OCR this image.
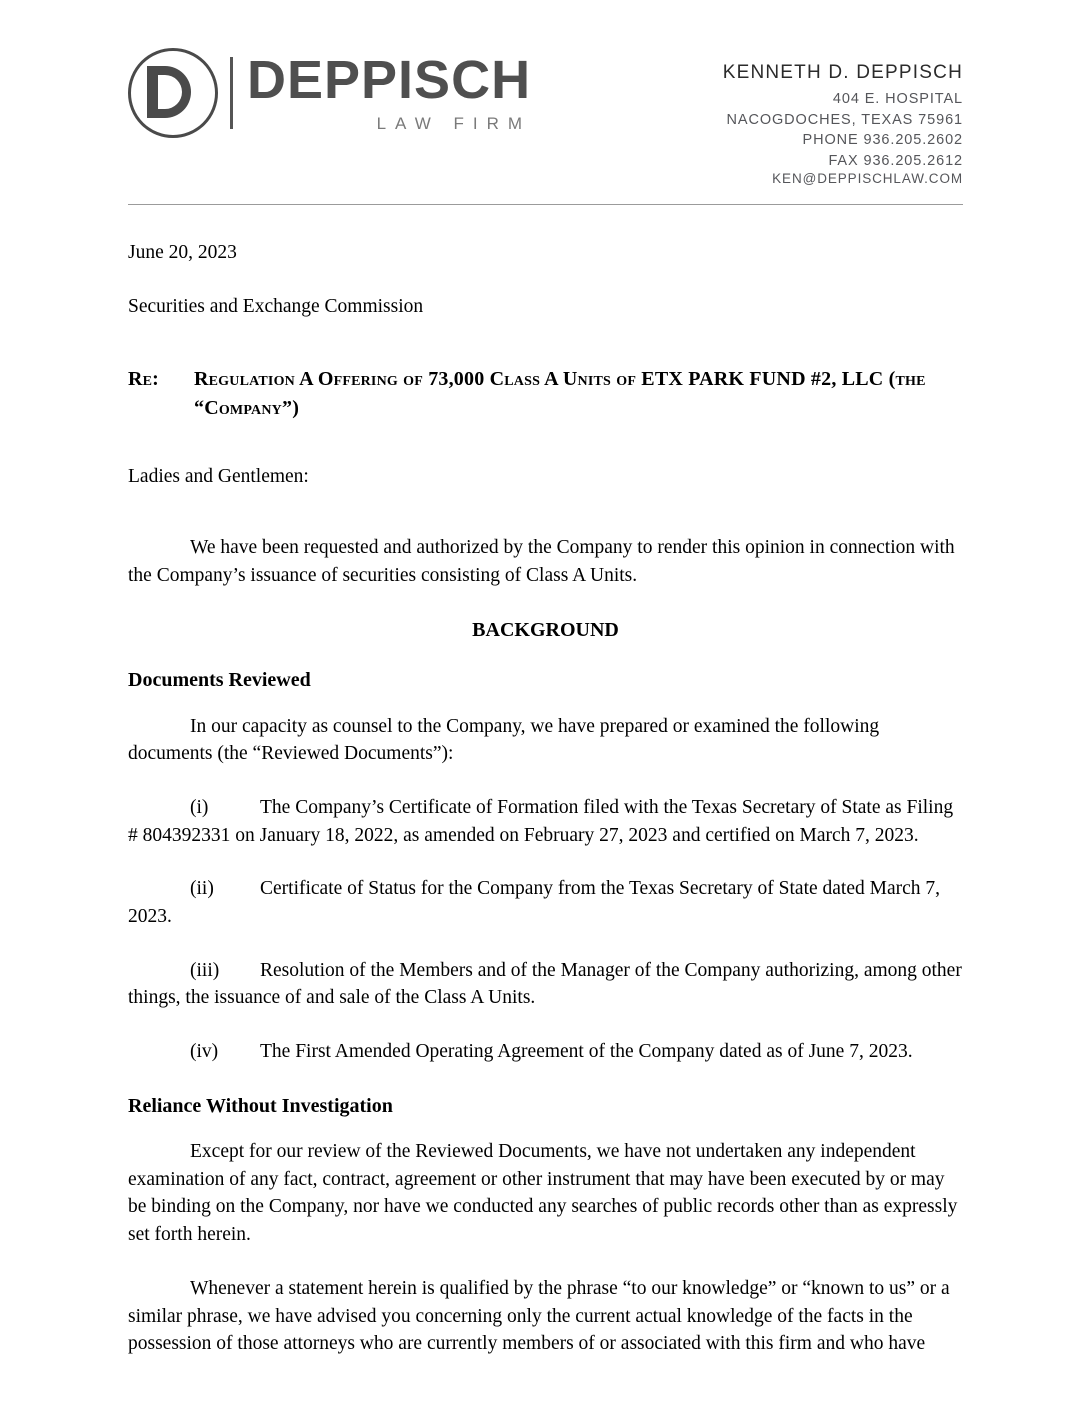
DEPPISCH
LAW FIRM
KENNETH D. DEPPISCH
404 E. HOSPITAL
NACOGDOCHES, TEXAS 75961
PHONE 936.205.2602
FAX 936.205.2612
KEN@DEPPISCHLAW.COM

June 20, 2023

Securities and Exchange Commission

Re:	Regulation A Offering of 73,000 Class A Units of ETX PARK FUND #2, LLC (the “Company”)

Ladies and Gentlemen:

We have been requested and authorized by the Company to render this opinion in connection with the Company’s issuance of securities consisting of Class A Units.

BACKGROUND

Documents Reviewed

In our capacity as counsel to the Company, we have prepared or examined the following documents (the “Reviewed Documents”):

(i)	The Company’s Certificate of Formation filed with the Texas Secretary of State as Filing # 804392331 on January 18, 2022, as amended on February 27, 2023 and certified on March 7, 2023.
(ii) Certificate of Status for the Company from the Texas Secretary of State dated March 7, 2023.
(iii) Resolution of the Members and of the Manager of the Company authorizing, among other things, the issuance of and sale of the Class A Units.
(iv) The First Amended Operating Agreement of the Company dated as of June 7, 2023.

Reliance Without Investigation

Except for our review of the Reviewed Documents, we have not undertaken any independent examination of any fact, contract, agreement or other instrument that may have been executed by or may be binding on the Company, nor have we conducted any searches of public records other than as expressly set forth herein.

Whenever a statement herein is qualified by the phrase “to our knowledge” or “known to us” or a similar phrase, we have advised you concerning only the current actual knowledge of the facts in the possession of those attorneys who are currently members of or associated with this firm and who have
